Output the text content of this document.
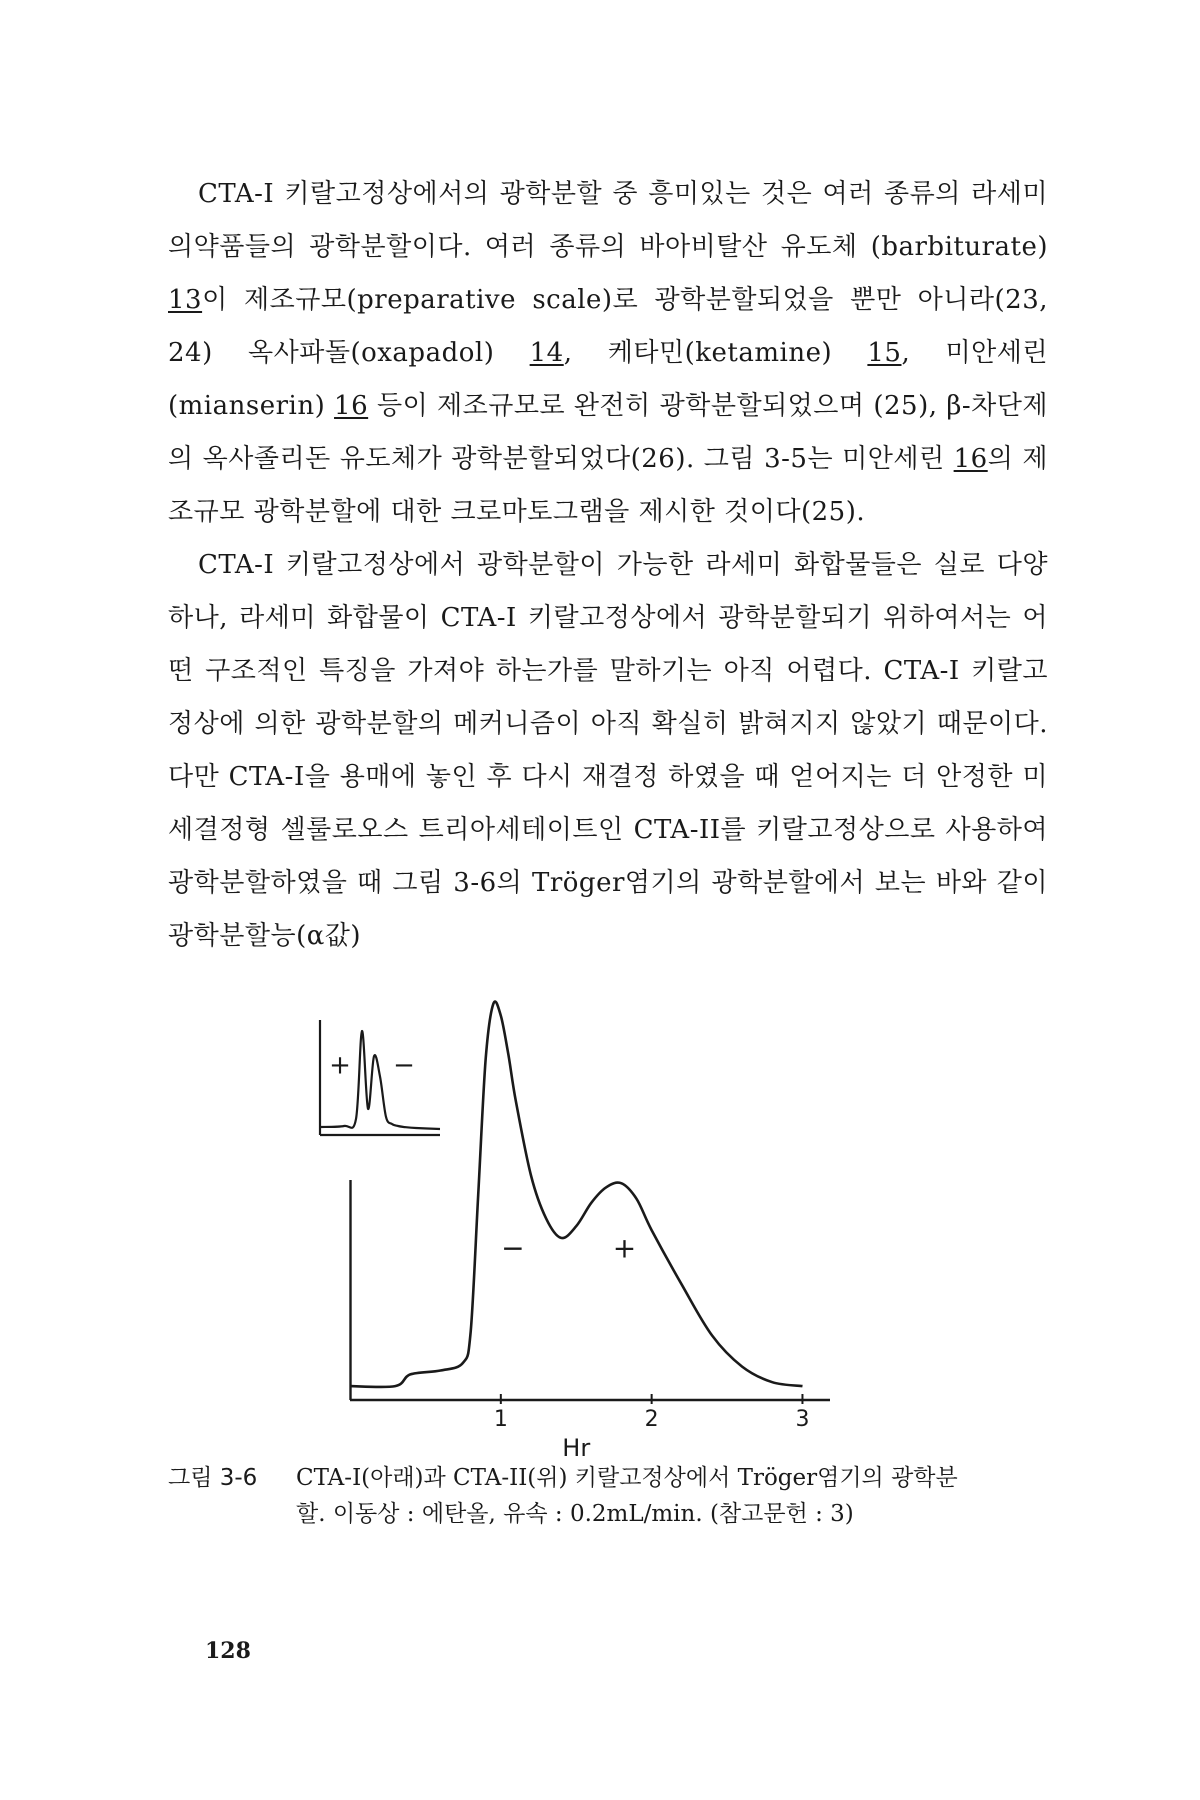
CTA-I 키랄고정상에서의 광학분할 중 흥미있는 것은 여러 종류의 라세미 의약품들의 광학분할이다. 여러 종류의 바아비탈산 유도체 (barbiturate) 13이 제조규모(preparative scale)로 광학분할되었을 뿐만 아니라(23, 24) 옥사파돌(oxapadol) 14, 케타민(ketamine) 15, 미안세린(mianserin) 16 등이 제조규모로 완전히 광학분할되었으며 (25), β-차단제의 옥사졸리돈 유도체가 광학분할되었다(26). 그림 3-5는 미안세린 16의 제조규모 광학분할에 대한 크로마토그램을 제시한 것이다(25).

CTA-I 키랄고정상에서 광학분할이 가능한 라세미 화합물들은 실로 다양하나, 라세미 화합물이 CTA-I 키랄고정상에서 광학분할되기 위하여서는 어떤 구조적인 특징을 가져야 하는가를 말하기는 아직 어렵다. CTA-I 키랄고정상에 의한 광학분할의 메커니즘이 아직 확실히 밝혀지지 않았기 때문이다. 다만 CTA-I을 용매에 놓인 후 다시 재결정 하였을 때 얻어지는 더 안정한 미세결정형 셀룰로오스 트리아세테이트인 CTA-II를 키랄고정상으로 사용하여 광학분할하였을 때 그림 3-6의 Tröger염기의 광학분할에서 보는 바와 같이 광학분할능(α값)

1	2	3
Hr
−	+
+ −
그림 3-6 CTA-I(아래)과 CTA-II(위) 키랄고정상에서 Tröger염기의 광학분
할. 이동상 : 에탄올, 유속 : 0.2mL/min. (참고문헌 : 3)
128
